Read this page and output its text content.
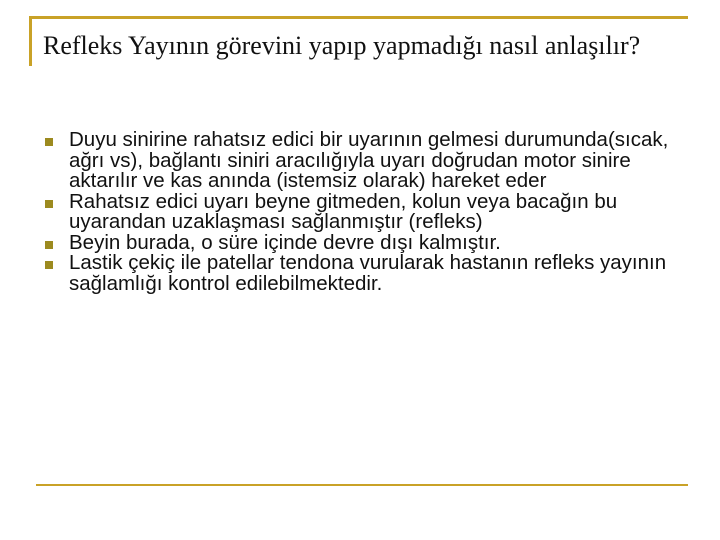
Refleks Yayının görevini yapıp yapmadığı nasıl anlaşılır?
Duyu sinirine rahatsız edici bir uyarının gelmesi durumunda(sıcak, ağrı vs), bağlantı siniri aracılığıyla uyarı doğrudan motor sinire aktarılır ve kas anında (istemsiz olarak) hareket eder
Rahatsız edici uyarı beyne gitmeden, kolun veya bacağın bu uyarandan uzaklaşması sağlanmıştır (refleks)
Beyin burada, o süre içinde devre dışı kalmıştır.
Lastik çekiç ile patellar tendona vurularak hastanın refleks yayının sağlamlığı kontrol edilebilmektedir.
